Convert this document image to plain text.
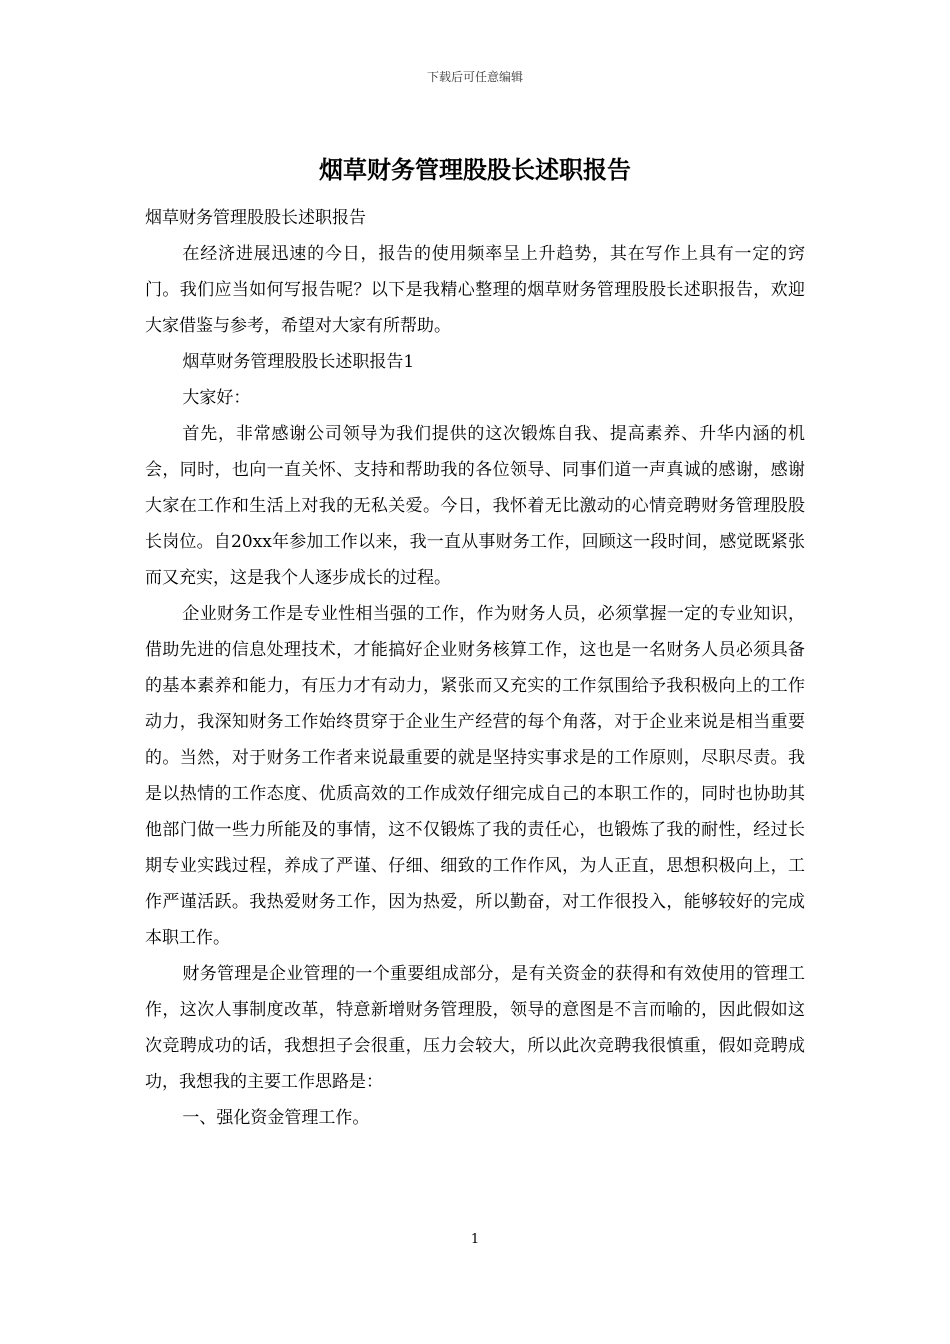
下载后可任意编辑
烟草财务管理股股长述职报告

烟草财务管理股股长述职报告

在经济进展迅速的今日，报告的使用频率呈上升趋势，其在写作上具有一定的窍门。我们应当如何写报告呢？以下是我精心整理的烟草财务管理股股长述职报告，欢迎大家借鉴与参考，希望对大家有所帮助。

烟草财务管理股股长述职报告1

大家好：

首先，非常感谢公司领导为我们提供的这次锻炼自我、提高素养、升华内涵的机会，同时，也向一直关怀、支持和帮助我的各位领导、同事们道一声真诚的感谢，感谢大家在工作和生活上对我的无私关爱。今日，我怀着无比激动的心情竞聘财务管理股股长岗位。自20xx年参加工作以来，我一直从事财务工作，回顾这一段时间，感觉既紧张而又充实，这是我个人逐步成长的过程。

企业财务工作是专业性相当强的工作，作为财务人员，必须掌握一定的专业知识，借助先进的信息处理技术，才能搞好企业财务核算工作，这也是一名财务人员必须具备的基本素养和能力，有压力才有动力，紧张而又充实的工作氛围给予我积极向上的工作动力，我深知财务工作始终贯穿于企业生产经营的每个角落，对于企业来说是相当重要的。当然，对于财务工作者来说最重要的就是坚持实事求是的工作原则，尽职尽责。我是以热情的工作态度、优质高效的工作成效仔细完成自己的本职工作的，同时也协助其他部门做一些力所能及的事情，这不仅锻炼了我的责任心，也锻炼了我的耐性，经过长期专业实践过程，养成了严谨、仔细、细致的工作作风，为人正直，思想积极向上，工作严谨活跃。我热爱财务工作，因为热爱，所以勤奋，对工作很投入，能够较好的完成本职工作。

财务管理是企业管理的一个重要组成部分，是有关资金的获得和有效使用的管理工作，这次人事制度改革，特意新增财务管理股，领导的意图是不言而喻的，因此假如这次竞聘成功的话，我想担子会很重，压力会较大，所以此次竞聘我很慎重，假如竞聘成功，我想我的主要工作思路是：

一、强化资金管理工作。

1
